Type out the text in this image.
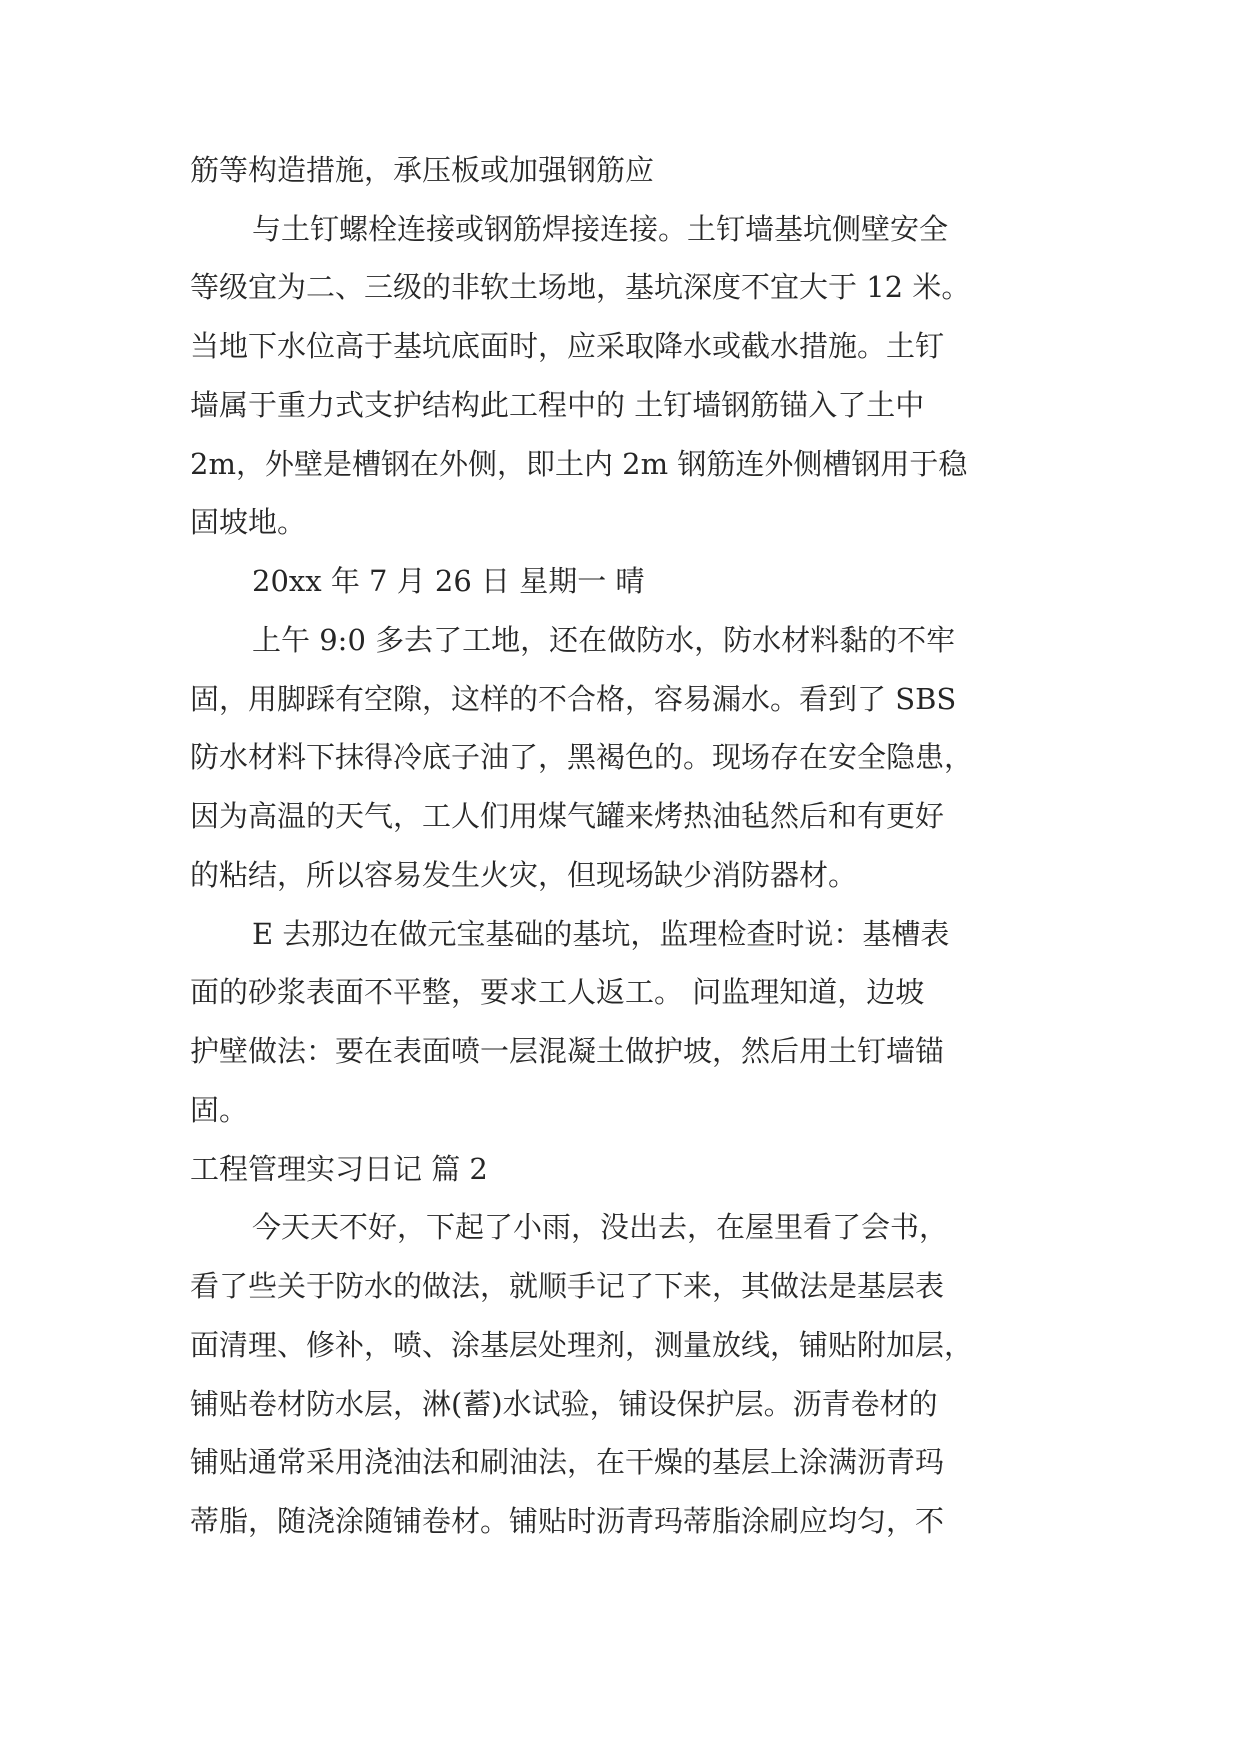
筋等构造措施，承压板或加强钢筋应

与土钉螺栓连接或钢筋焊接连接。土钉墙基坑侧壁安全

等级宜为二、三级的非软土场地，基坑深度不宜大于 12 米。

当地下水位高于基坑底面时，应采取降水或截水措施。土钉

墙属于重力式支护结构此工程中的 土钉墙钢筋锚入了土中

2m，外壁是槽钢在外侧，即土内 2m 钢筋连外侧槽钢用于稳

固坡地。

20xx 年 7 月 26 日 星期一 晴

上午 9:0 多去了工地，还在做防水，防水材料黏的不牢

固，用脚踩有空隙，这样的不合格，容易漏水。看到了 SBS

防水材料下抹得冷底子油了，黑褐色的。现场存在安全隐患，

因为高温的天气，工人们用煤气罐来烤热油毡然后和有更好

的粘结，所以容易发生火灾，但现场缺少消防器材。

E 去那边在做元宝基础的基坑，监理检查时说：基槽表

面的砂浆表面不平整，要求工人返工。 问监理知道，边坡

护壁做法：要在表面喷一层混凝土做护坡，然后用土钉墙锚

固。

工程管理实习日记 篇 2

今天天不好，下起了小雨，没出去，在屋里看了会书，

看了些关于防水的做法，就顺手记了下来，其做法是基层表

面清理、修补，喷、涂基层处理剂，测量放线，铺贴附加层，

铺贴卷材防水层，淋(蓄)水试验，铺设保护层。沥青卷材的

铺贴通常采用浇油法和刷油法，在干燥的基层上涂满沥青玛

蒂脂，随浇涂随铺卷材。铺贴时沥青玛蒂脂涂刷应均匀，不
